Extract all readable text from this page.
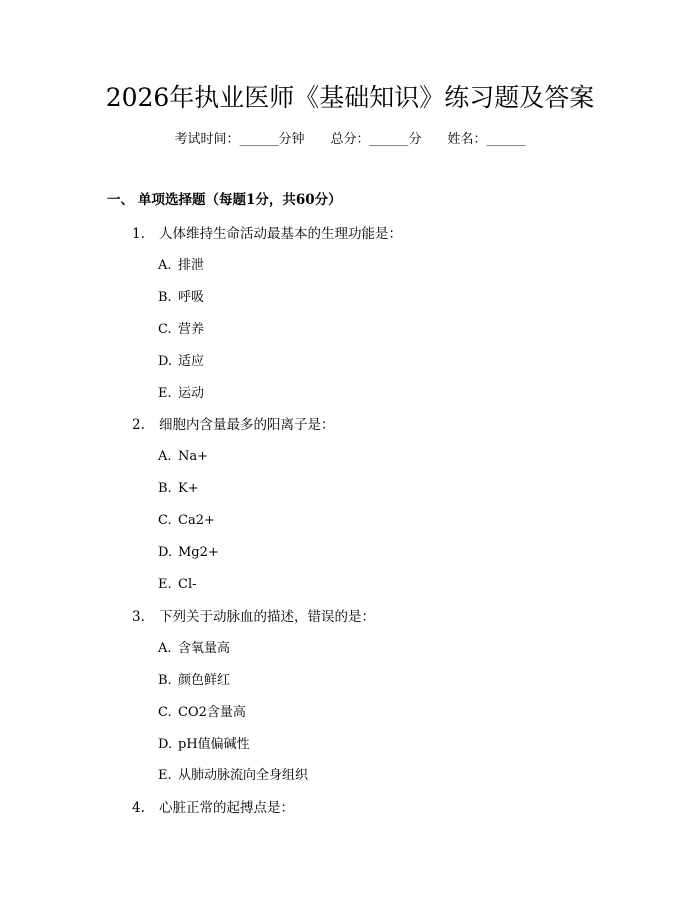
2026年执业医师《基础知识》练习题及答案
考试时间：______分钟 总分：______分 姓名：______
一、 单项选择题（每题1分，共60分）
1. 人体维持生命活动最基本的生理功能是：
A. 排泄
B. 呼吸
C. 营养
D. 适应
E. 运动
2. 细胞内含量最多的阳离子是：
A. Na+
B. K+
C. Ca2+
D. Mg2+
E. Cl-
3. 下列关于动脉血的描述，错误的是：
A. 含氧量高
B. 颜色鲜红
C. CO2含量高
D. pH值偏碱性
E. 从肺动脉流向全身组织
4. 心脏正常的起搏点是：
